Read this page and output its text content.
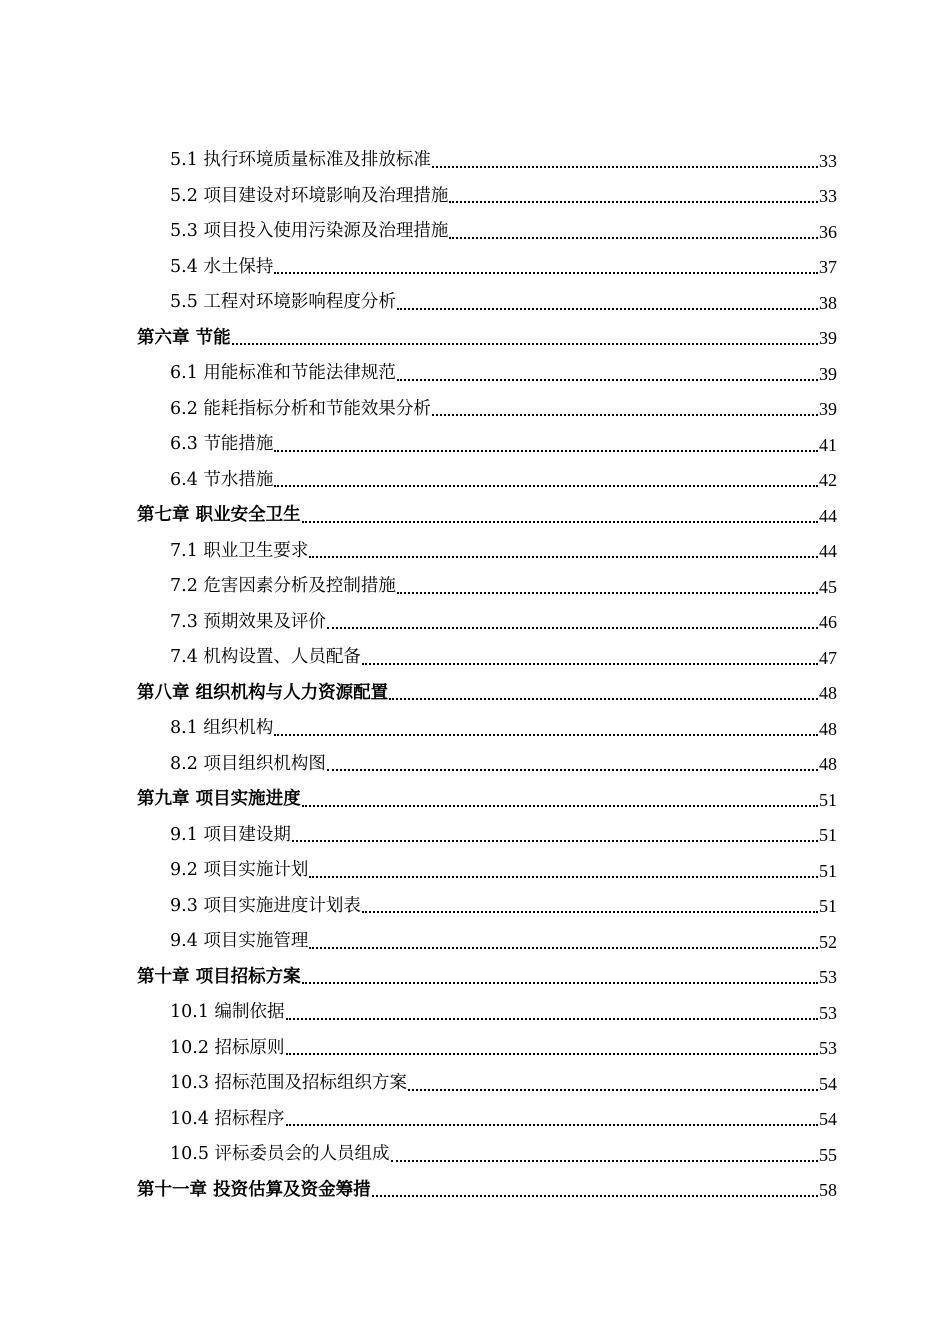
5.1 执行环境质量标准及排放标准	33
5.2 项目建设对环境影响及治理措施	33
5.3 项目投入使用污染源及治理措施	36
5.4 水土保持	37
5.5 工程对环境影响程度分析	38
第六章 节能	39
6.1 用能标准和节能法律规范	39
6.2 能耗指标分析和节能效果分析	39
6.3 节能措施	41
6.4 节水措施	42
第七章 职业安全卫生	44
7.1 职业卫生要求	44
7.2 危害因素分析及控制措施	45
7.3 预期效果及评价	46
7.4 机构设置、人员配备	47
第八章 组织机构与人力资源配置	48
8.1 组织机构	48
8.2 项目组织机构图	48
第九章 项目实施进度	51
9.1 项目建设期	51
9.2 项目实施计划	51
9.3 项目实施进度计划表	51
9.4 项目实施管理	52
第十章 项目招标方案	53
10.1 编制依据	53
10.2 招标原则	53
10.3 招标范围及招标组织方案	54
10.4 招标程序	54
10.5 评标委员会的人员组成	55
第十一章 投资估算及资金筹措	58
